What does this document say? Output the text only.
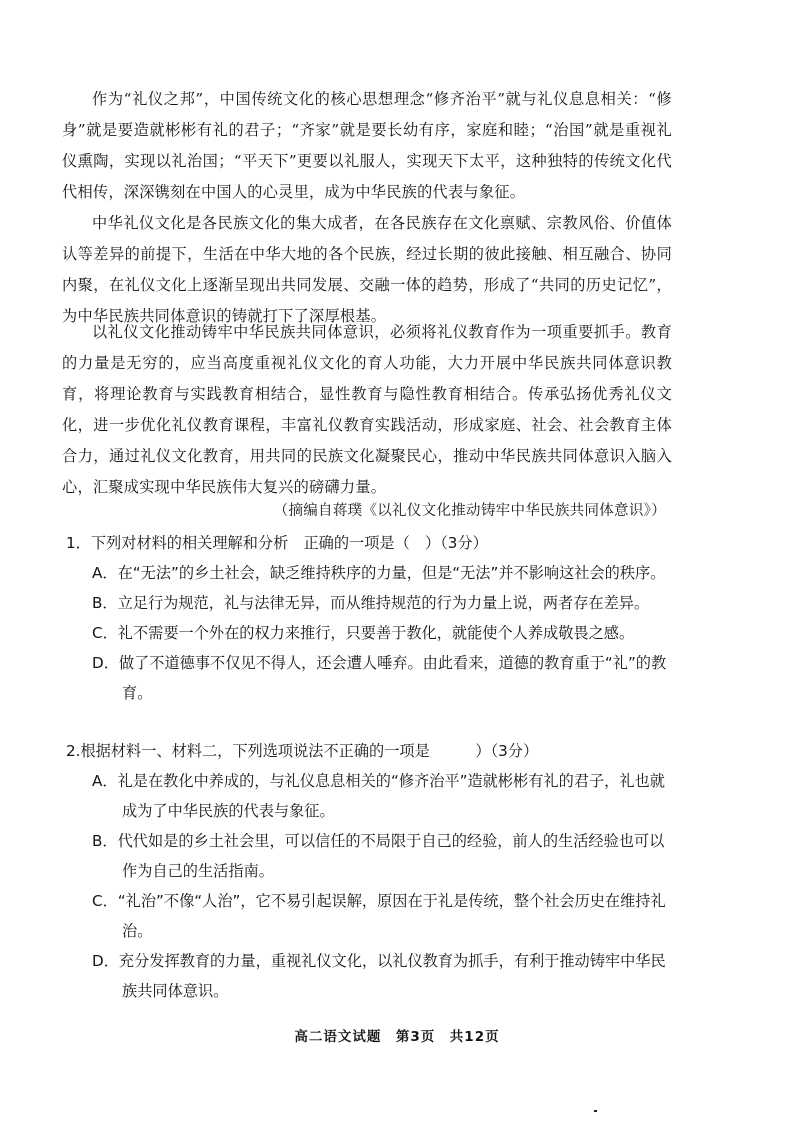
作为“礼仪之邦”，中国传统文化的核心思想理念“修齐治平”就与礼仪息息相关：“修身”就是要造就彬彬有礼的君子；“齐家”就是要长幼有序，家庭和睦；“治国”就是重视礼仪熏陶，实现以礼治国；“平天下”更要以礼服人，实现天下太平，这种独特的传统文化代代相传，深深镌刻在中国人的心灵里，成为中华民族的代表与象征。

中华礼仪文化是各民族文化的集大成者，在各民族存在文化禀赋、宗教风俗、价值体认等差异的前提下，生活在中华大地的各个民族，经过长期的彼此接触、相互融合、协同内聚，在礼仪文化上逐渐呈现出共同发展、交融一体的趋势，形成了“共同的历史记忆”，为中华民族共同体意识的铸就打下了深厚根基。

以礼仪文化推动铸牢中华民族共同体意识，必须将礼仪教育作为一项重要抓手。教育的力量是无穷的，应当高度重视礼仪文化的育人功能，大力开展中华民族共同体意识教育，将理论教育与实践教育相结合，显性教育与隐性教育相结合。传承弘扬优秀礼仪文化，进一步优化礼仪教育课程，丰富礼仪教育实践活动，形成家庭、社会、社会教育主体合力，通过礼仪文化教育，用共同的民族文化凝聚民心，推动中华民族共同体意识入脑入心，汇聚成实现中华民族伟大复兴的磅礴力量。

（摘编自蒋璞《以礼仪文化推动铸牢中华民族共同体意识》）

1．下列对材料的相关理解和分析　正确的一项是（　）（3分）

A．在“无法”的乡土社会，缺乏维持秩序的力量，但是“无法”并不影响这社会的秩序。

B．立足行为规范，礼与法律无异，而从维持规范的行为力量上说，两者存在差异。

C．礼不需要一个外在的权力来推行，只要善于教化，就能使个人养成敬畏之感。

D．做了不道德事不仅见不得人，还会遭人唾弃。由此看来，道德的教育重于“礼”的教育。

2.根据材料一、材料二，下列选项说法不正确的一项是　　　）（3分）

A．礼是在教化中养成的，与礼仪息息相关的“修齐治平”造就彬彬有礼的君子，礼也就成为了中华民族的代表与象征。

B．代代如是的乡土社会里，可以信任的不局限于自己的经验，前人的生活经验也可以作为自己的生活指南。

C．“礼治”不像“人治”，它不易引起误解，原因在于礼是传统，整个社会历史在维持礼治。

D．充分发挥教育的力量，重视礼仪文化，以礼仪教育为抓手，有利于推动铸牢中华民族共同体意识。

高二语文试题　第3页　共12页
